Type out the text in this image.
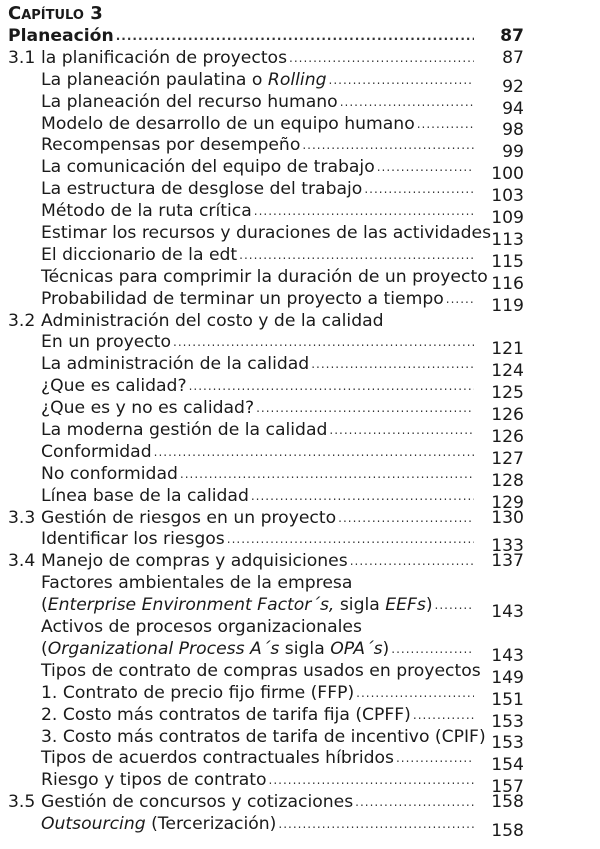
Capítulo 3
Planeación .....	87
3.1 la planificación de proyectos .....	87
La planeación paulatina o Rolling .....	92
La planeación del recurso humano .....	94
Modelo de desarrollo de un equipo humano .....	98
Recompensas por desempeño .....	99
La comunicación del equipo de trabajo .....	100
La estructura de desglose del trabajo .....	103
Método de la ruta crítica .....	109
Estimar los recursos y duraciones de las actividades 113
El diccionario de la edt .....	115
Técnicas para comprimir la duración de un proyecto 116
Probabilidad de terminar un proyecto a tiempo .....	119
3.2 Administración del costo y de la calidad
En un proyecto .....	121
La administración de la calidad .....	124
¿Que es calidad? .....	125
¿Que es y no es calidad? .....	126
La moderna gestión de la calidad .....	126
Conformidad .....	127
No conformidad .....	128
Línea base de la calidad .....	129
3.3 Gestión de riesgos en un proyecto .....	130
Identificar los riesgos .....	133
3.4 Manejo de compras y adquisiciones .....	137
Factores ambientales de la empresa
(Enterprise Environment Factor´s, sigla EEFs) .....	143
Activos de procesos organizacionales
(Organizational Process A´s sigla OPA´s) .....	143
Tipos de contrato de compras usados en proyectos 149
1. Contrato de precio fijo firme (FFP) .....	151
2. Costo más contratos de tarifa fija (CPFF) .....	153
3. Costo más contratos de tarifa de incentivo (CPIF) 153
Tipos de acuerdos contractuales híbridos .....	154
Riesgo y tipos de contrato .....	157
3.5 Gestión de concursos y cotizaciones .....	158
Outsourcing (Tercerización) .....	158
